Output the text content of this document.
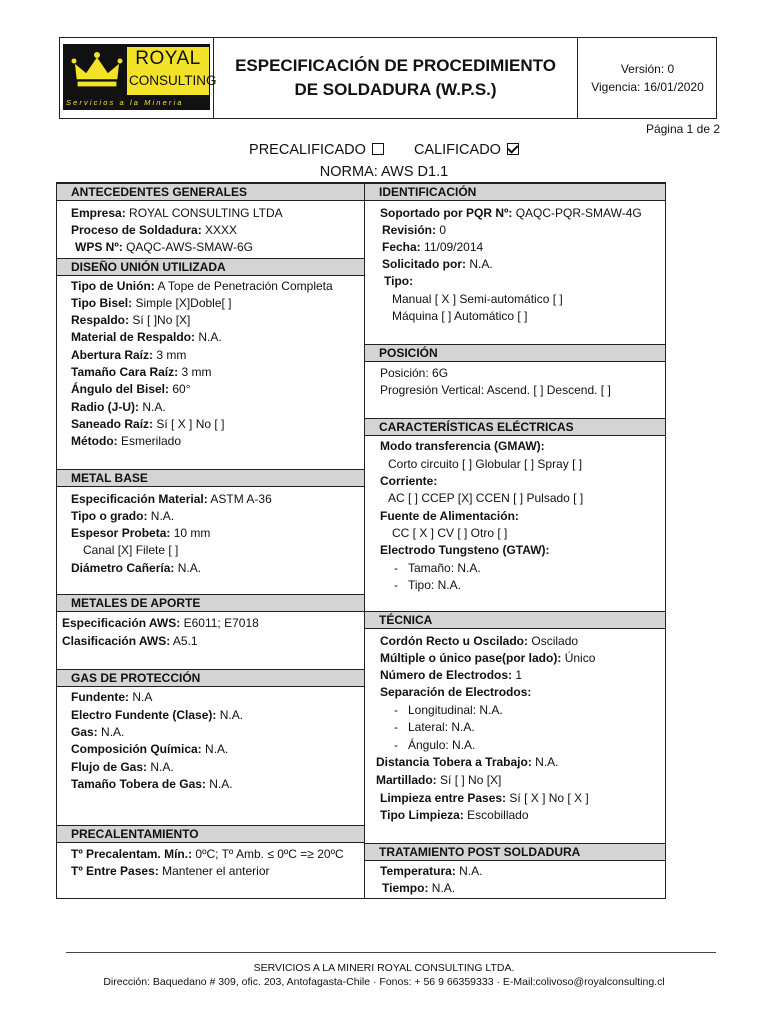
ROYAL
CONSULTING
Servicios a la Mineria
ESPECIFICACIÓN DE PROCEDIMIENTO
DE SOLDADURA (W.P.S.)
Versión: 0
Vigencia: 16/01/2020
Página 1 de 2
PRECALIFICADO	CALIFICADO
NORMA: AWS D1.1
ANTECEDENTES GENERALES
Empresa: ROYAL CONSULTING LTDA
Proceso de Soldadura: XXXX
WPS Nº: QAQC-AWS-SMAW-6G
DISEÑO UNIÓN UTILIZADA
Tipo de Unión: A Tope de Penetración Completa
Tipo Bisel: Simple [X]Doble[ ]
Respaldo: Sí [ ]No [X]
Material de Respaldo: N.A.
Abertura Raíz: 3 mm
Tamaño Cara Raíz: 3 mm
Ángulo del Bisel: 60°
Radio (J-U): N.A.
Saneado Raíz: Sí [ X ] No [ ]
Método: Esmerilado
METAL BASE
Especificación Material: ASTM A-36
Tipo o grado: N.A.
Espesor Probeta: 10 mm
Canal [X] Filete [ ]
Diámetro Cañería: N.A.
METALES DE APORTE
Especificación AWS: E6011; E7018
Clasificación AWS: A5.1
GAS DE PROTECCIÓN
Fundente: N.A
Electro Fundente (Clase): N.A.
Gas: N.A.
Composición Química: N.A.
Flujo de Gas: N.A.
Tamaño Tobera de Gas: N.A.
PRECALENTAMIENTO
Tº Precalentam. Mín.: 0ºC; Tº Amb. ≤ 0ºC =≥ 20ºC
Tº Entre Pases: Mantener el anterior
IDENTIFICACIÓN
Soportado por PQR Nº: QAQC-PQR-SMAW-4G
Revisión: 0
Fecha: 11/09/2014
Solicitado por: N.A.
Tipo:
Manual [ X ] Semi-automático [ ]
Máquina [ ] Automático [ ]
POSICIÓN
Posición: 6G
Progresión Vertical: Ascend. [ ] Descend. [ ]
CARACTERÍSTICAS ELÉCTRICAS
Modo transferencia (GMAW):
Corto circuito [ ] Globular [ ] Spray [ ]
Corriente:
AC [ ] CCEP [X] CCEN [ ] Pulsado [ ]
Fuente de Alimentación:
CC [ X ] CV [ ] Otro [ ]
Electrodo Tungsteno (GTAW):
-   Tamaño: N.A.
-   Tipo: N.A.
TÉCNICA
Cordón Recto u Oscilado: Oscilado
Múltiple o único pase(por lado): Único
Número de Electrodos: 1
Separación de Electrodos:
-   Longitudinal: N.A.
-   Lateral: N.A.
-   Ángulo: N.A.
Distancia Tobera a Trabajo: N.A.
Martillado: Sí [ ] No [X]
Limpieza entre Pases: Sí [ X ] No [ X ]
Tipo Limpieza: Escobillado
TRATAMIENTO POST SOLDADURA
Temperatura: N.A.
Tiempo: N.A.
SERVICIOS A LA MINERI ROYAL CONSULTING LTDA.
Dirección: Baquedano # 309, ofic. 203, Antofagasta-Chile · Fonos: + 56 9 66359333 · E-Mail:colivoso@royalconsulting.cl
